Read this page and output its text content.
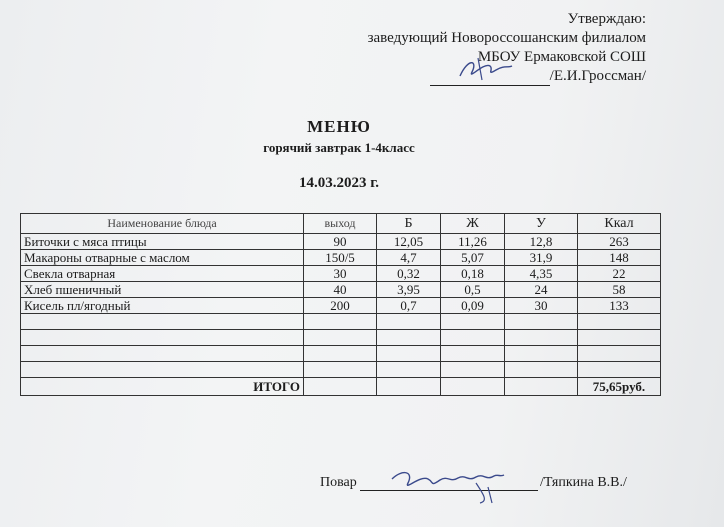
Утверждаю:
заведующий Новороссошанским филиалом
МБОУ Ермаковской СОШ
/Е.И.Гроссман/
МЕНЮ
горячий завтрак 1-4класс
14.03.2023 г.
Наименование блюда	выход	Б	Ж	У	Ккал
Биточки с мяса птицы	90	12,05	11,26	12,8	263
Макароны отварные с маслом	150/5	4,7	5,07	31,9	148
Свекла отварная	30	0,32	0,18	4,35	22
Хлеб пшеничный	40	3,95	0,5	24	58
Кисель пл/ягодный	200	0,7	0,09	30	133

ИТОГО					75,65руб.
Повар	/Тяпкина В.В./
